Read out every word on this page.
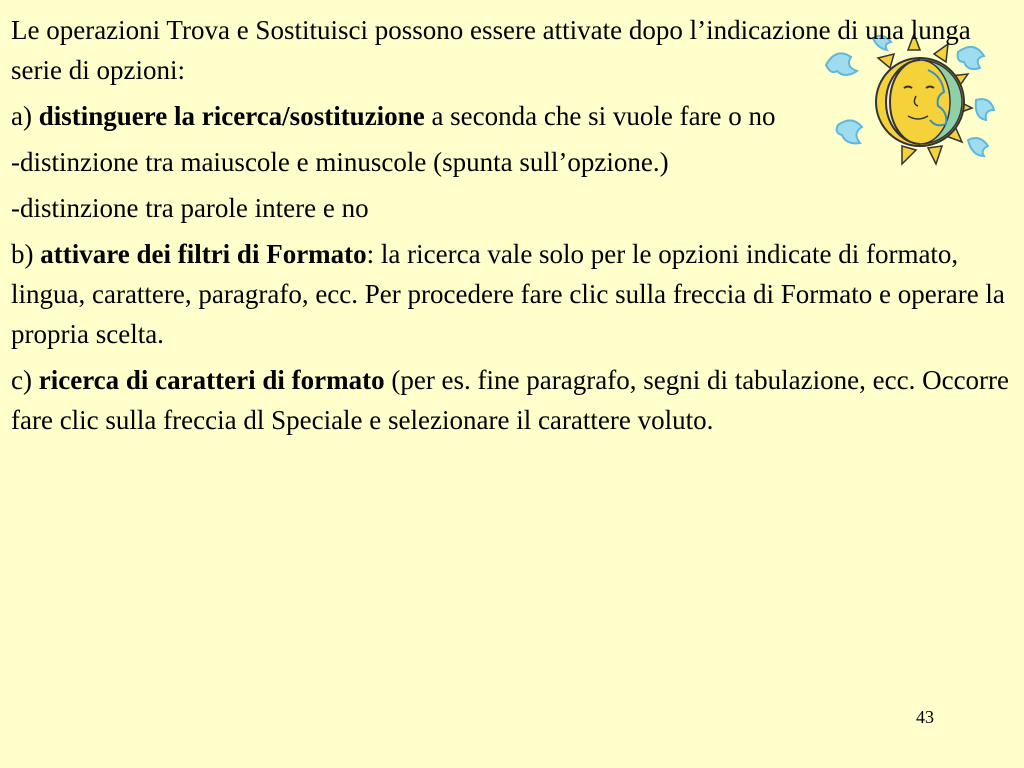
Le operazioni Trova e Sostituisci possono essere attivate dopo l’indicazione di una lunga serie di opzioni:

a) distinguere la ricerca/sostituzione a seconda che si vuole fare o no

-distinzione tra maiuscole e minuscole (spunta sull’opzione.)

-distinzione tra parole intere e no

b) attivare dei filtri di Formato: la ricerca vale solo per le opzioni indicate di formato, lingua, carattere, paragrafo, ecc. Per procedere fare clic sulla freccia di Formato e operare la propria scelta.

c) ricerca di caratteri di formato (per es. fine paragrafo, segni di tabulazione, ecc. Occorre fare clic sulla freccia dl Speciale e selezionare il carattere voluto.

43
